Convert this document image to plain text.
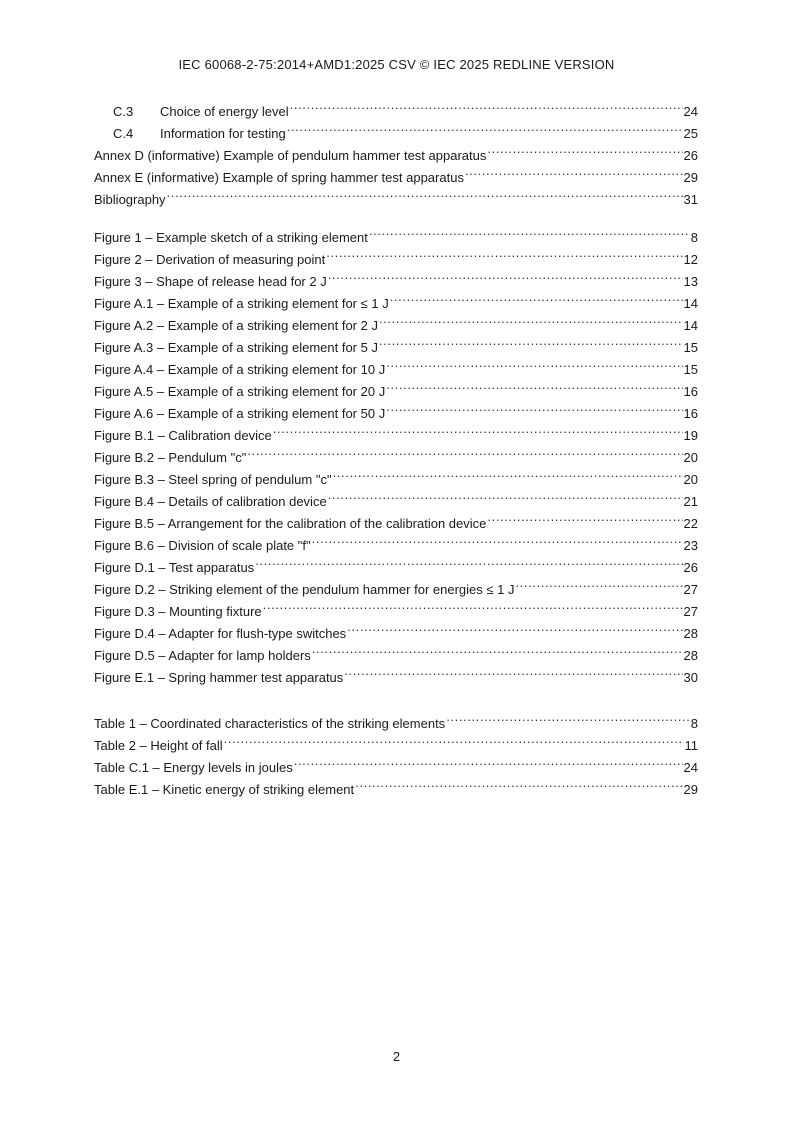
IEC 60068-2-75:2014+AMD1:2025 CSV © IEC 2025 REDLINE VERSION
C.3	Choice of energy level .....	24
C.4	Information for testing .....	25
Annex D (informative) Example of pendulum hammer test apparatus .....	26
Annex E (informative) Example of spring hammer test apparatus .....	29
Bibliography .....	31
Figure 1 – Example sketch of a striking element .....	8
Figure 2 – Derivation of measuring point .....	12
Figure 3 – Shape of release head for 2 J .....	13
Figure A.1 – Example of a striking element for ≤ 1 J .....	14
Figure A.2 – Example of a striking element for 2 J .....	14
Figure A.3 – Example of a striking element for 5 J .....	15
Figure A.4 – Example of a striking element for 10 J .....	15
Figure A.5 – Example of a striking element for 20 J .....	16
Figure A.6 – Example of a striking element for 50 J .....	16
Figure B.1 – Calibration device .....	19
Figure B.2 – Pendulum "c" .....	20
Figure B.3 – Steel spring of pendulum "c" .....	20
Figure B.4 – Details of calibration device .....	21
Figure B.5 – Arrangement for the calibration of the calibration device .....	22
Figure B.6 – Division of scale plate "f" .....	23
Figure D.1 – Test apparatus .....	26
Figure D.2 – Striking element of the pendulum hammer for energies ≤ 1 J .....	27
Figure D.3 – Mounting fixture .....	27
Figure D.4 – Adapter for flush-type switches .....	28
Figure D.5 – Adapter for lamp holders .....	28
Figure E.1 – Spring hammer test apparatus .....	30
Table 1 – Coordinated characteristics of the striking elements .....	8
Table 2 – Height of fall .....	11
Table C.1 – Energy levels in joules .....	24
Table E.1 – Kinetic energy of striking element .....	29
2
